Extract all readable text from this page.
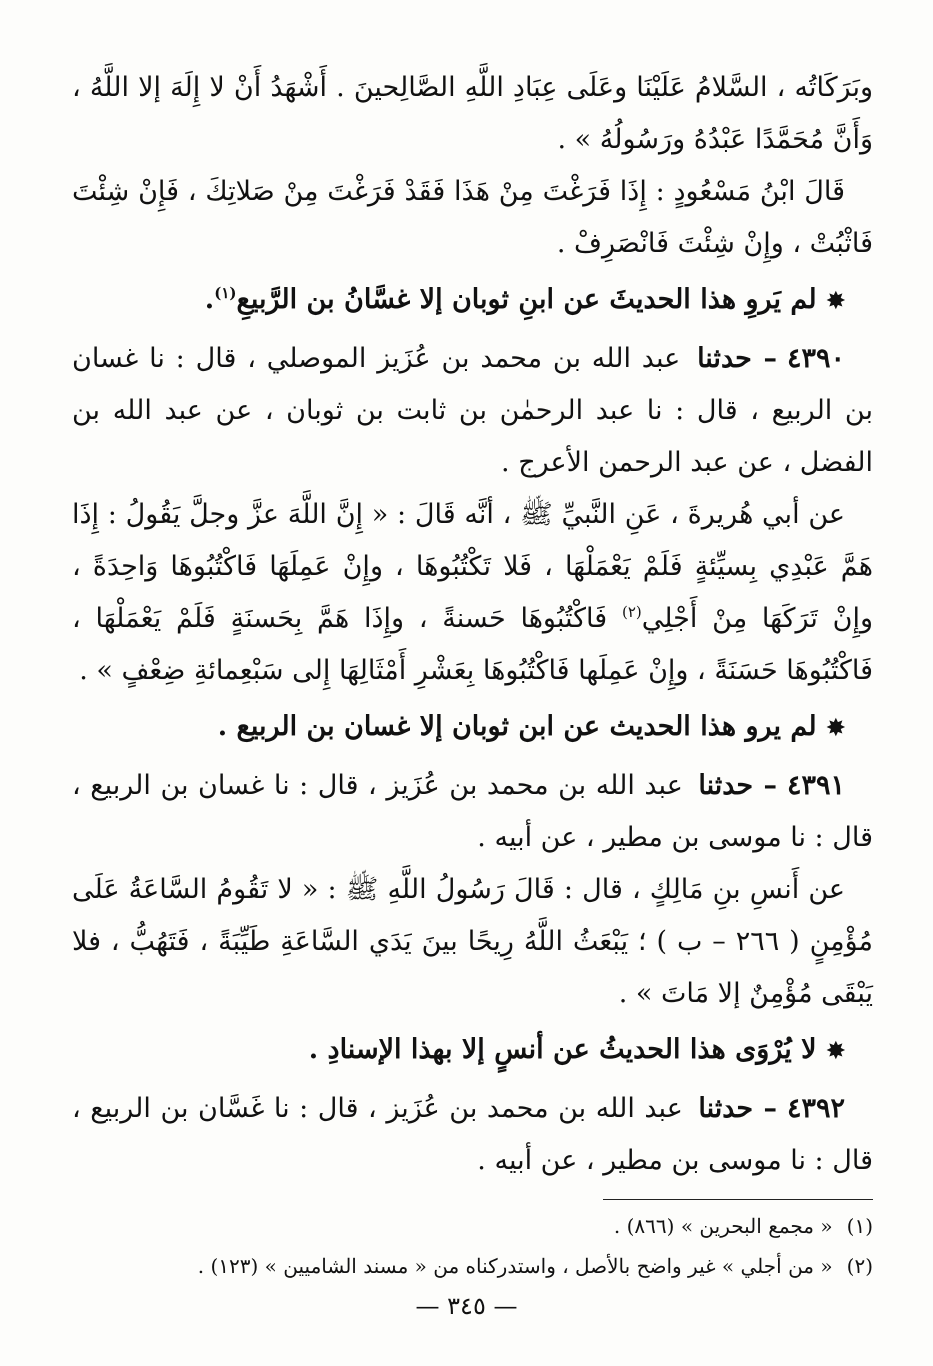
وبَرَكَاتُه ، السَّلامُ عَلَيْنَا وعَلَى عِبَادِ اللَّهِ الصَّالِحينَ . أَشْهَدُ أَنْ لا إِلَهَ إلا اللَّهُ ، وَأَنَّ مُحَمَّدًا عَبْدُهُ ورَسُولُهُ » .

قَالَ ابْنُ مَسْعُودٍ : إِذَا فَرَغْتَ مِنْ هَذَا فَقَدْ فَرَغْتَ مِنْ صَلاتِكَ ، فَإِنْ شِئْتَ فَاثْبُتْ ، وإِنْ شِئْتَ فَانْصَرِفْ .

✸لم يَروِ هذا الحديثَ عن ابنِ ثوبان إلا غسَّانُ بن الرَّبيعِ$^{(١)}$.

٤٣٩٠– حدثنا عبد الله بن محمد بن عُزَيز الموصلي ، قال : نا غسان بن الربيع ، قال : نا عبد الرحمٰن بن ثابت بن ثوبان ، عن عبد الله بن الفضل ، عن عبد الرحمن الأعرج .

عن أبي هُريرةَ ، عَنِ النَّبيِّ ﷺ ، أنَّه قَالَ : « إِنَّ اللَّهَ عزَّ وجلَّ يَقُولُ : إِذَا هَمَّ عَبْدِي بِسيِّئةٍ فَلَمْ يَعْمَلْهَا ، فَلا تَكْتُبُوهَا ، وإِنْ عَمِلَهَا فَاكْتُبُوهَا وَاحِدَةً ، وإِنْ تَرَكَهَا مِنْ أَجْلِي$^{(٢)}$ فَاكْتُبُوهَا حَسنةً ، وإِذَا هَمَّ بِحَسنَةٍ فَلَمْ يَعْمَلْهَا ، فَاكْتُبُوهَا حَسَنَةً ، وإِنْ عَمِلَها فَاكْتُبُوهَا بِعَشْرِ أَمْثَالِهَا إِلى سَبْعِمائةِ ضِعْفٍ » .

✸لم يرو هذا الحديث عن ابن ثوبان إلا غسان بن الربيع .

٤٣٩١– حدثنا عبد الله بن محمد بن عُزَيز ، قال : نا غسان بن الربيع ، قال : نا موسى بن مطير ، عن أبيه .

عن أَنسِ بنِ مَالِكٍ ، قال : قَالَ رَسُولُ اللَّهِ ﷺ : « لا تَقُومُ السَّاعَةُ عَلَى مُؤْمِنٍ ( ٢٦٦ – ب ) ؛ يَبْعَثُ اللَّهُ رِيحًا بينَ يَدَي السَّاعَةِ طَيِّبَةً ، فَتَهُبُّ ، فلا يَبْقَى مُؤْمِنٌ إلا مَاتَ » .

✸لا يُرْوَى هذا الحديثُ عن أنسٍ إلا بهذا الإسنادِ .

٤٣٩٢– حدثنا عبد الله بن محمد بن عُزَيز ، قال : نا غَسَّان بن الربيع ، قال : نا موسى بن مطير ، عن أبيه .

(١)« مجمع البحرين » (٨٦٦) .

(٢)« من أجلي » غير واضح بالأصل ، واستدركناه من « مسند الشاميين » (١٢٣) .

— ٣٤٥ —
